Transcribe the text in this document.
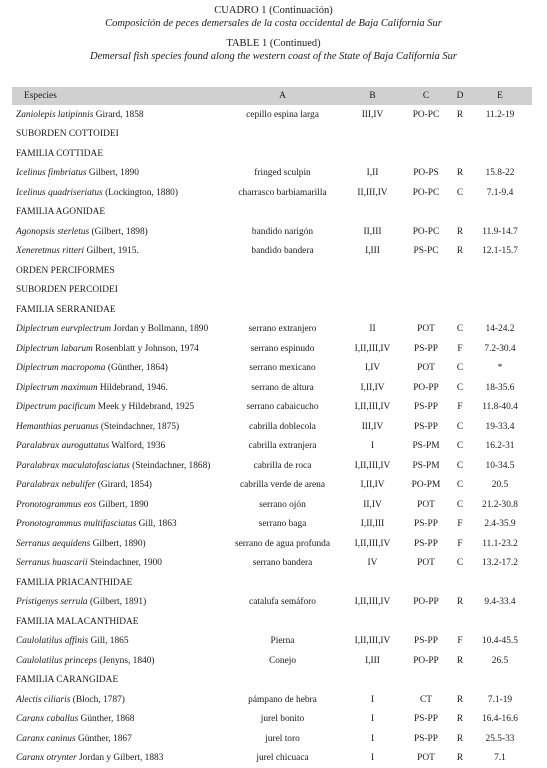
CUADRO 1 (Continuación)
Composición de peces demersales de la costa occidental de Baja California Sur
TABLE 1 (Continued)
Demersal fish species found along the western coast of the State of Baja California Sur
Especies	A	B	C	D	E
Zaniolepis latipinnis Girard, 1858	cepillo espina larga	III,IV	PO-PC	R	11.2-19
SUBORDEN COTTOIDEI					
FAMILIA COTTIDAE					
Icelinus fimbriatus Gilbert, 1890	fringed sculpin	I,II	PO-PS	R	15.8-22
Icelinus quadriseriatus (Lockington, 1880)	charrasco barbiamarilla	II,III,IV	PO-PC	C	7.1-9.4
FAMILIA AGONIDAE					
Agonopsis sterletus (Gilbert, 1898)	bandido narigón	II,III	PO-PC	R	11.9-14.7
Xeneretmus ritteri Gilbert, 1915.	bandido bandera	I,III	PS-PC	R	12.1-15.7
ORDEN PERCIFORMES					
SUBORDEN PERCOIDEI					
FAMILIA SERRANIDAE					
Diplectrum eurvplectrum Jordan y Bollmann, 1890	serrano extranjero	II	POT	C	14-24.2
Diplectrum labarum Rosenblatt y Johnson, 1974	serrano espinudo	I,II,III,IV	PS-PP	F	7.2-30.4
Diplectrum macropoma (Günther, 1864)	serrano mexicano	I,IV	POT	C	*
Diplectrum maximum Hildebrand, 1946.	serrano de altura	I,II,IV	PO-PP	C	18-35.6
Dipectrum pacificum Meek y Hildebrand, 1925	serrano cabaicucho	I,II,III,IV	PS-PP	F	11.8-40.4
Hemanthias peruanus (Steindachner, 1875)	cabrilla doblecola	III,IV	PS-PP	C	19-33.4
Paralabrax auroguttatus Walford, 1936	cabrilla extranjera	I	PS-PM	C	16.2-31
Paralabrax maculatofasciatus (Steindachner, 1868)	cabrilla de roca	I,II,III,IV	PS-PM	C	10-34.5
Paralabrax nebulifer (Girard, 1854)	cabrilla verde de arena	I,II,IV	PO-PM	C	20.5
Pronotogrammus eos Gilbert, 1890	serrano ojón	II,IV	POT	C	21.2-30.8
Pronotogrammus multifasciatus Gill, 1863	serrano baga	I,II,III	PS-PP	F	2.4-35.9
Serranus aequidens Gilbert, 1890)	serrano de agua profunda	I,II,III,IV	PS-PP	F	11.1-23.2
Serranus huascarii Steindachner, 1900	serrano bandera	IV	POT	C	13.2-17.2
FAMILIA PRIACANTHIDAE					
Pristigenys serrula (Gilbert, 1891)	catalufa semáforo	I,II,III,IV	PO-PP	R	9.4-33.4
FAMILIA MALACANTHIDAE					
Caulolatilus affinis Gill, 1865	Pierna	I,II,III,IV	PS-PP	F	10.4-45.5
Caulolatilus princeps (Jenyns, 1840)	Conejo	I,III	PO-PP	R	26.5
FAMILIA CARANGIDAE					
Alectis ciliaris (Bloch, 1787)	pámpano de hebra	I	CT	R	7.1-19
Caranx caballus Günther, 1868	jurel bonito	I	PS-PP	R	16.4-16.6
Caranx caninus Günther, 1867	jurel toro	I	PS-PP	R	25.5-33
Caranx otrynter Jordan y Gilbert, 1883	jurel chicuaca	I	POT	R	7.1
